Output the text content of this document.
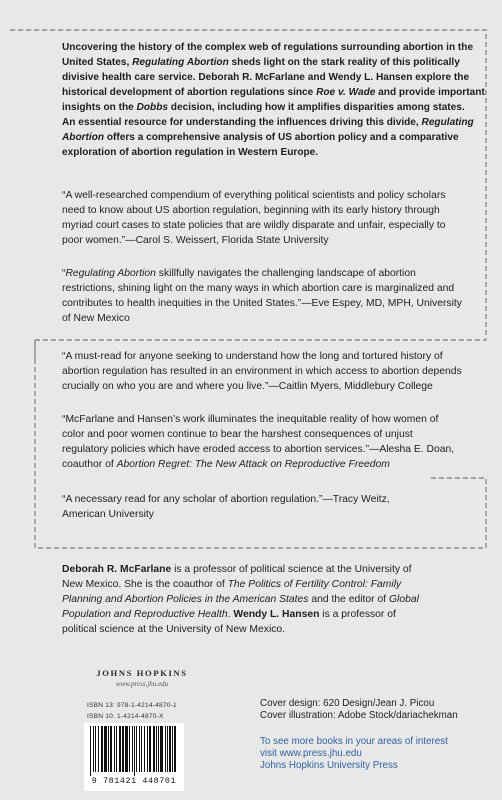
Uncovering the history of the complex web of regulations surrounding abortion in the
United States, Regulating Abortion sheds light on the stark reality of this politically
divisive health care service. Deborah R. McFarlane and Wendy L. Hansen explore the
historical development of abortion regulations since Roe v. Wade and provide important
insights on the Dobbs decision, including how it amplifies disparities among states.
An essential resource for understanding the influences driving this divide, Regulating
Abortion offers a comprehensive analysis of US abortion policy and a comparative
exploration of abortion regulation in Western Europe.
“A well-researched compendium of everything political scientists and policy scholars
need to know about US abortion regulation, beginning with its early history through
myriad court cases to state policies that are wildly disparate and unfair, especially to
poor women.”—Carol S. Weissert, Florida State University
“Regulating Abortion skillfully navigates the challenging landscape of abortion
restrictions, shining light on the many ways in which abortion care is marginalized and
contributes to health inequities in the United States.”—Eve Espey, MD, MPH, University
of New Mexico
“A must-read for anyone seeking to understand how the long and tortured history of
abortion regulation has resulted in an environment in which access to abortion depends
crucially on who you are and where you live.”—Caitlin Myers, Middlebury College
“McFarlane and Hansen’s work illuminates the inequitable reality of how women of
color and poor women continue to bear the harshest consequences of unjust
regulatory policies which have eroded access to abortion services.”—Alesha E. Doan,
coauthor of Abortion Regret: The New Attack on Reproductive Freedom
“A necessary read for any scholar of abortion regulation.”—Tracy Weitz,
American University
Deborah R. McFarlane is a professor of political science at the University of
New Mexico. She is the coauthor of The Politics of Fertility Control: Family
Planning and Abortion Policies in the American States and the editor of Global
Population and Reproductive Health. Wendy L. Hansen is a professor of
political science at the University of New Mexico.
JOHNS HOPKINS
www.press.jhu.edu
ISBN 13: 978-1-4214-4870-1
ISBN 10: 1-4214-4870-X
9 781421 448701
Cover design: 620 Design/Jean J. Picou
Cover illustration: Adobe Stock/dariachekman
To see more books in your areas of interest
visit www.press.jhu.edu
Johns Hopkins University Press
